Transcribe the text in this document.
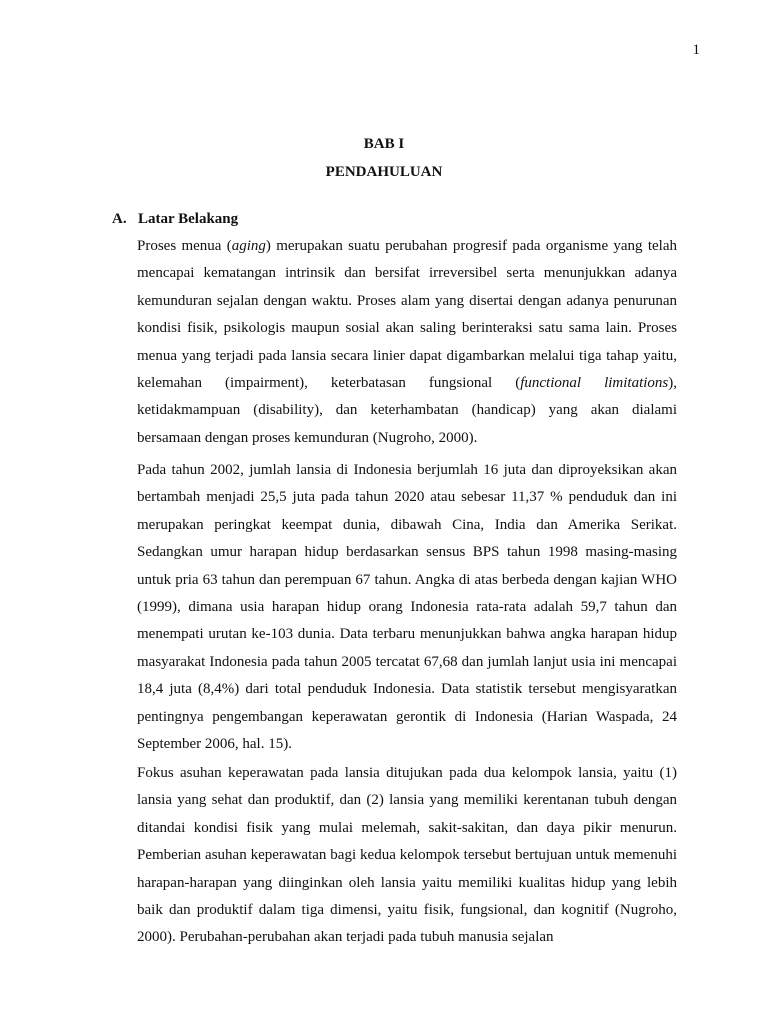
1
BAB I
PENDAHULUAN
A. Latar Belakang

Proses menua (aging) merupakan suatu perubahan progresif pada organisme yang telah mencapai kematangan intrinsik dan bersifat irreversibel serta menunjukkan adanya kemunduran sejalan dengan waktu. Proses alam yang disertai dengan adanya penurunan kondisi fisik, psikologis maupun sosial akan saling berinteraksi satu sama lain. Proses menua yang terjadi pada lansia secara linier dapat digambarkan melalui tiga tahap yaitu, kelemahan (impairment), keterbatasan fungsional (functional limitations), ketidakmampuan (disability), dan keterhambatan (handicap) yang akan dialami bersamaan dengan proses kemunduran (Nugroho, 2000).

Pada tahun 2002, jumlah lansia di Indonesia berjumlah 16 juta dan diproyeksikan akan bertambah menjadi 25,5 juta pada tahun 2020 atau sebesar 11,37 % penduduk dan ini merupakan peringkat keempat dunia, dibawah Cina, India dan Amerika Serikat. Sedangkan umur harapan hidup berdasarkan sensus BPS tahun 1998 masing-masing untuk pria 63 tahun dan perempuan 67 tahun. Angka di atas berbeda dengan kajian WHO (1999), dimana usia harapan hidup orang Indonesia rata-rata adalah 59,7 tahun dan menempati urutan ke-103 dunia. Data terbaru menunjukkan bahwa angka harapan hidup masyarakat Indonesia pada tahun 2005 tercatat 67,68 dan jumlah lanjut usia ini mencapai 18,4 juta (8,4%) dari total penduduk Indonesia. Data statistik tersebut mengisyaratkan pentingnya pengembangan keperawatan gerontik di Indonesia (Harian Waspada, 24 September 2006, hal. 15).

Fokus asuhan keperawatan pada lansia ditujukan pada dua kelompok lansia, yaitu (1) lansia yang sehat dan produktif, dan (2) lansia yang memiliki kerentanan tubuh dengan ditandai kondisi fisik yang mulai melemah, sakit-sakitan, dan daya pikir menurun. Pemberian asuhan keperawatan bagi kedua kelompok tersebut bertujuan untuk memenuhi harapan-harapan yang diinginkan oleh lansia yaitu memiliki kualitas hidup yang lebih baik dan produktif dalam tiga dimensi, yaitu fisik, fungsional, dan kognitif (Nugroho, 2000). Perubahan-perubahan akan terjadi pada tubuh manusia sejalan
